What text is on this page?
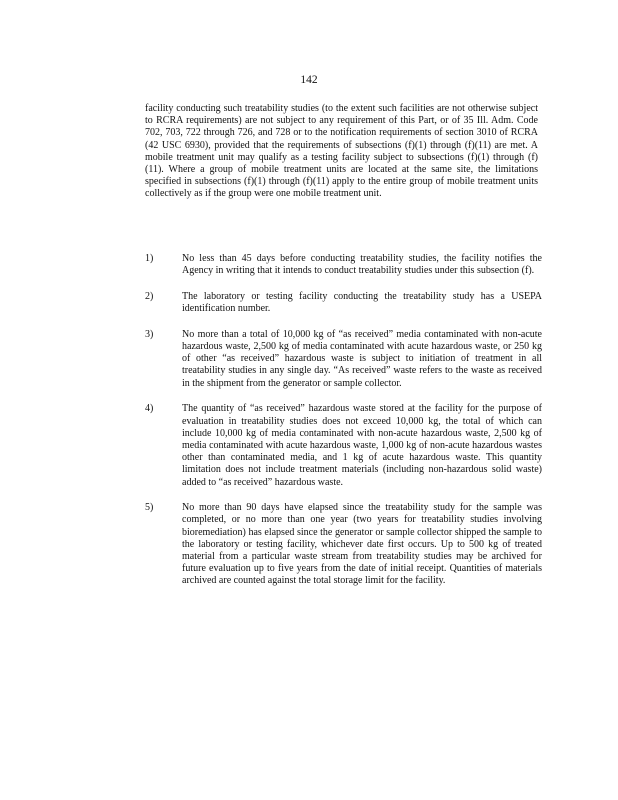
142

facility conducting such treatability studies (to the extent such facilities are not otherwise subject to RCRA requirements) are not subject to any requirement of this Part, or of 35 Ill. Adm. Code 702, 703, 722 through 726, and 728 or to the notification requirements of section 3010 of RCRA (42 USC 6930), provided that the requirements of subsections (f)(1) through (f)(11) are met. A mobile treatment unit may qualify as a testing facility subject to subsections (f)(1) through (f)(11). Where a group of mobile treatment units are located at the same site, the limitations specified in subsections (f)(1) through (f)(11) apply to the entire group of mobile treatment units collectively as if the group were one mobile treatment unit.

1)	No less than 45 days before conducting treatability studies, the facility notifies the Agency in writing that it intends to conduct treatability studies under this subsection (f).

2)	The laboratory or testing facility conducting the treatability study has a USEPA identification number.

3)	No more than a total of 10,000 kg of “as received” media contaminated with non-acute hazardous waste, 2,500 kg of media contaminated with acute hazardous waste, or 250 kg of other “as received” hazardous waste is subject to initiation of treatment in all treatability studies in any single day. “As received” waste refers to the waste as received in the shipment from the generator or sample collector.

4)	The quantity of “as received” hazardous waste stored at the facility for the purpose of evaluation in treatability studies does not exceed 10,000 kg, the total of which can include 10,000 kg of media contaminated with non-acute hazardous waste, 2,500 kg of media contaminated with acute hazardous waste, 1,000 kg of non-acute hazardous wastes other than contaminated media, and 1 kg of acute hazardous waste. This quantity limitation does not include treatment materials (including non-hazardous solid waste) added to “as received” hazardous waste.

5)	No more than 90 days have elapsed since the treatability study for the sample was completed, or no more than one year (two years for treatability studies involving bioremediation) has elapsed since the generator or sample collector shipped the sample to the laboratory or testing facility, whichever date first occurs. Up to 500 kg of treated material from a particular waste stream from treatability studies may be archived for future evaluation up to five years from the date of initial receipt. Quantities of materials archived are counted against the total storage limit for the facility.
